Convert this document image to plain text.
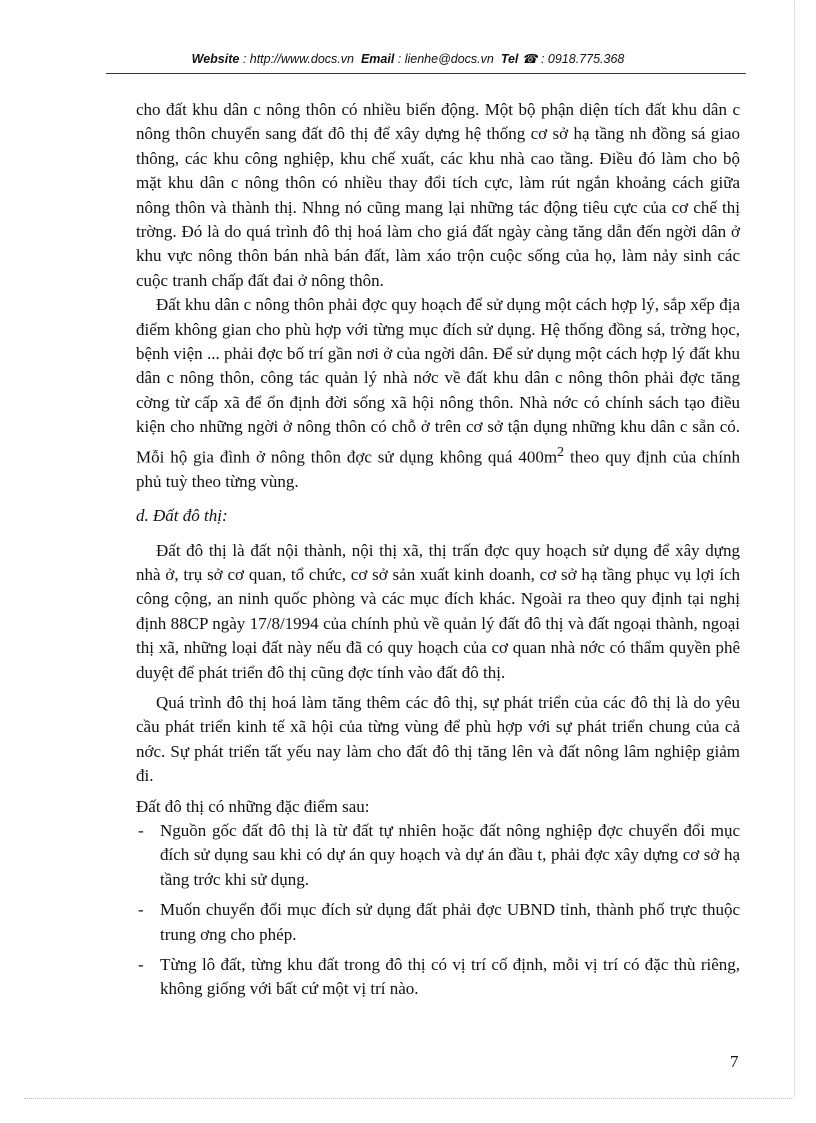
Website : http://www.docs.vn Email : lienhe@docs.vn Tel ☎ : 0918.775.368

cho đất khu dân c nông thôn có nhiều biến động. Một bộ phận diện tích đất khu dân c nông thôn chuyển sang đất đô thị để xây dựng hệ thống cơ sở hạ tầng nh đồng sá giao thông, các khu công nghiệp, khu chế xuất, các khu nhà cao tầng. Điều đó làm cho bộ mặt khu dân c nông thôn có nhiều thay đổi tích cực, làm rút ngắn khoảng cách giữa nông thôn và thành thị. Nhng nó cũng mang lại những tác động tiêu cực của cơ chế thị trờng. Đó là do quá trình đô thị hoá làm cho giá đất ngày càng tăng dẫn đến ngời dân ở khu vực nông thôn bán nhà bán đất, làm xáo trộn cuộc sống của họ, làm nảy sinh các cuộc tranh chấp đất đai ở nông thôn.

Đất khu dân c nông thôn phải đợc quy hoạch để sử dụng một cách hợp lý, sắp xếp địa điểm không gian cho phù hợp với từng mục đích sử dụng. Hệ thống đồng sá, trờng học, bệnh viện ... phải đợc bố trí gần nơi ở của ngời dân. Để sử dụng một cách hợp lý đất khu dân c nông thôn, công tác quản lý nhà nớc về đất khu dân c nông thôn phải đợc tăng cờng từ cấp xã để ổn định đời sống xã hội nông thôn. Nhà nớc có chính sách tạo điều kiện cho những ngời ở nông thôn có chỗ ở trên cơ sở tận dụng những khu dân c sẵn có. Mỗi hộ gia đình ở nông thôn đợc sử dụng không quá $400m^2$ theo quy định của chính phủ tuỳ theo từng vùng.

d. Đất đô thị:

Đất đô thị là đất nội thành, nội thị xã, thị trấn đợc quy hoạch sử dụng để xây dựng nhà ở, trụ sở cơ quan, tổ chức, cơ sở sản xuất kinh doanh, cơ sở hạ tầng phục vụ lợi ích công cộng, an ninh quốc phòng và các mục đích khác. Ngoài ra theo quy định tại nghị định 88CP ngày 17/8/1994 của chính phủ về quản lý đất đô thị và đất ngoại thành, ngoại thị xã, những loại đất này nếu đã có quy hoạch của cơ quan nhà nớc có thẩm quyền phê duyệt để phát triển đô thị cũng đợc tính vào đất đô thị.

Quá trình đô thị hoá làm tăng thêm các đô thị, sự phát triển của các đô thị là do yêu cầu phát triển kinh tế xã hội của từng vùng để phù hợp với sự phát triển chung của cả nớc. Sự phát triển tất yếu nay làm cho đất đô thị tăng lên và đất nông lâm nghiệp giảm đi.

Đất đô thị có những đặc điểm sau:

- Nguồn gốc đất đô thị là từ đất tự nhiên hoặc đất nông nghiệp đợc chuyển đổi mục đích sử dụng sau khi có dự án quy hoạch và dự án đầu t, phải đợc xây dựng cơ sở hạ tầng trớc khi sử dụng.
- Muốn chuyển đổi mục đích sử dụng đất phải đợc UBND tỉnh, thành phố trực thuộc trung ơng cho phép.
- Từng lô đất, từng khu đất trong đô thị có vị trí cố định, mỗi vị trí có đặc thù riêng, không giống với bất cứ một vị trí nào.
7
